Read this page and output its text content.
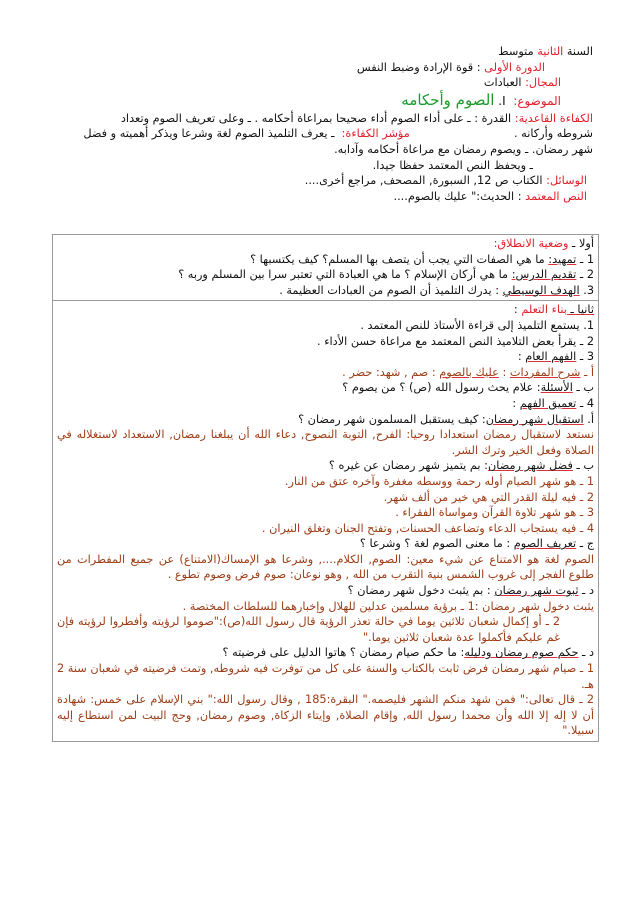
السنة الثانية متوسط
الدورة الأولى : قوة الإرادة وضبط النفس
المجال: العبادات
الموضوع:  I. الصوم وأحكامه
الكفاءة القاعدية: القدرة : ـ على أداء الصوم أداء صحيحا بمراعاة أحكامه . ـ وعلى تعريف الصوم وتعداد
شروطه وأركانه .                             مؤشر الكفاءة:  ـ يعرف التلميذ الصوم لغة وشرعا ويذكر أهميته و فضل
شهر رمضان. ـ ويصوم رمضان مع مراعاة أحكامه وآدابه.
ـ ويحفظ النص المعتمد حفظا جيدا.
الوسائل: الكتاب ص 12, السبورة, المصحف, مراجع أخرى....
النص المعتمد : الحديث:" عليك بالصوم....
أولا ـ وضعية الانطلاق:
1 ـ تمهيد: ما هي الصفات التي يجب أن يتصف بها المسلم؟ كيف يكتسبها ؟
2 ـ تقديم الدرس: ما هي أركان الإسلام ؟ ما هي العبادة التي تعتبر سرا بين المسلم وربه ؟
3. الهدف الوسيطي : يدرك التلميذ أن الصوم من العبادات العظيمة .
ثانيا ـ بناء التعلم :
1. يستمع التلميذ إلى قراءة الأستاذ للنص المعتمد .
2 ـ يقرأ بعض التلاميذ النص المعتمد مع مراعاة حسن الأداء .
3 ـ الفهم العام :
أ ـ شرح المفردات : عليك بالصوم : صم , شهد: حضر .
ب ـ الأسئلة: علام يحث رسول الله (ص) ؟ من يصوم ؟
4 ـ تعميق الفهم :
أ. استقبال شهر رمضان: كيف يستقبل المسلمون شهر رمضان ؟
نستعد لاستقبال رمضان استعدادا روحيا: الفرح, التوبة النصوح, دعاء الله أن يبلغنا رمضان, الاستعداد لاستغلاله في الصلاة وفعل الخير وترك الشر.
ب ـ فضل شهر رمضان: بم يتميز شهر رمضان عن غيره ؟
1 ـ هو شهر الصيام أوله رحمة ووسطه مغفرة وآخره عتق من النار.
2 ـ فيه ليلة القدر التي هي خير من ألف شهر.
3 ـ هو شهر تلاوة القرآن ومواساة الفقراء .
4 ـ فيه يستجاب الدعاء وتضاعف الحسنات, وتفتح الجنان وتغلق النيران .
ج ـ تعريف الصوم : ما معنى الصوم لغة ؟ وشرعا ؟
الصوم لغة هو الامتناع عن شيء معين: الصوم, الكلام...., وشرعا هو الإمساك(الامتناع) عن جميع المفطرات من طلوع الفجر إلى غروب الشمس بنية التقرب من الله , وهو نوعان: صوم فرض وصوم تطوع .
د ـ ثبوت شهر رمضان : بم يثبت دخول شهر رمضان ؟
يثبت دخول شهر رمضان :1 ـ برؤية مسلمين عدلين للهلال وإخبارهما للسلطات المختصة .
2 ـ أو إكمال شعبان ثلاثين يوما في حالة تعذر الرؤية قال رسول الله(ص):"صوموا لرؤيته وأفطروا لرؤيته فإن غم عليكم فأكملوا عدة شعبان ثلاثين يوما."
د ـ حكم صوم رمضان ودليله: ما حكم صيام رمضان ؟ هاتوا الدليل على فرضيته ؟
1 ـ صيام شهر رمضان فرض ثابت بالكتاب والسنة على كل من توفرت فيه شروطه, وتمت فرضيته في شعبان سنة 2 هـ.
2 ـ قال تعالى:" فمن شهد منكم الشهر فليصمه." البقرة:185 , وقال رسول الله:" بني الإسلام على خمس: شهادة أن لا إله إلا الله وأن محمدا رسول الله, وإقام الصلاة, وإيتاء الزكاة, وصوم رمضان, وحج البيت لمن استطاع إليه سبيلا."
